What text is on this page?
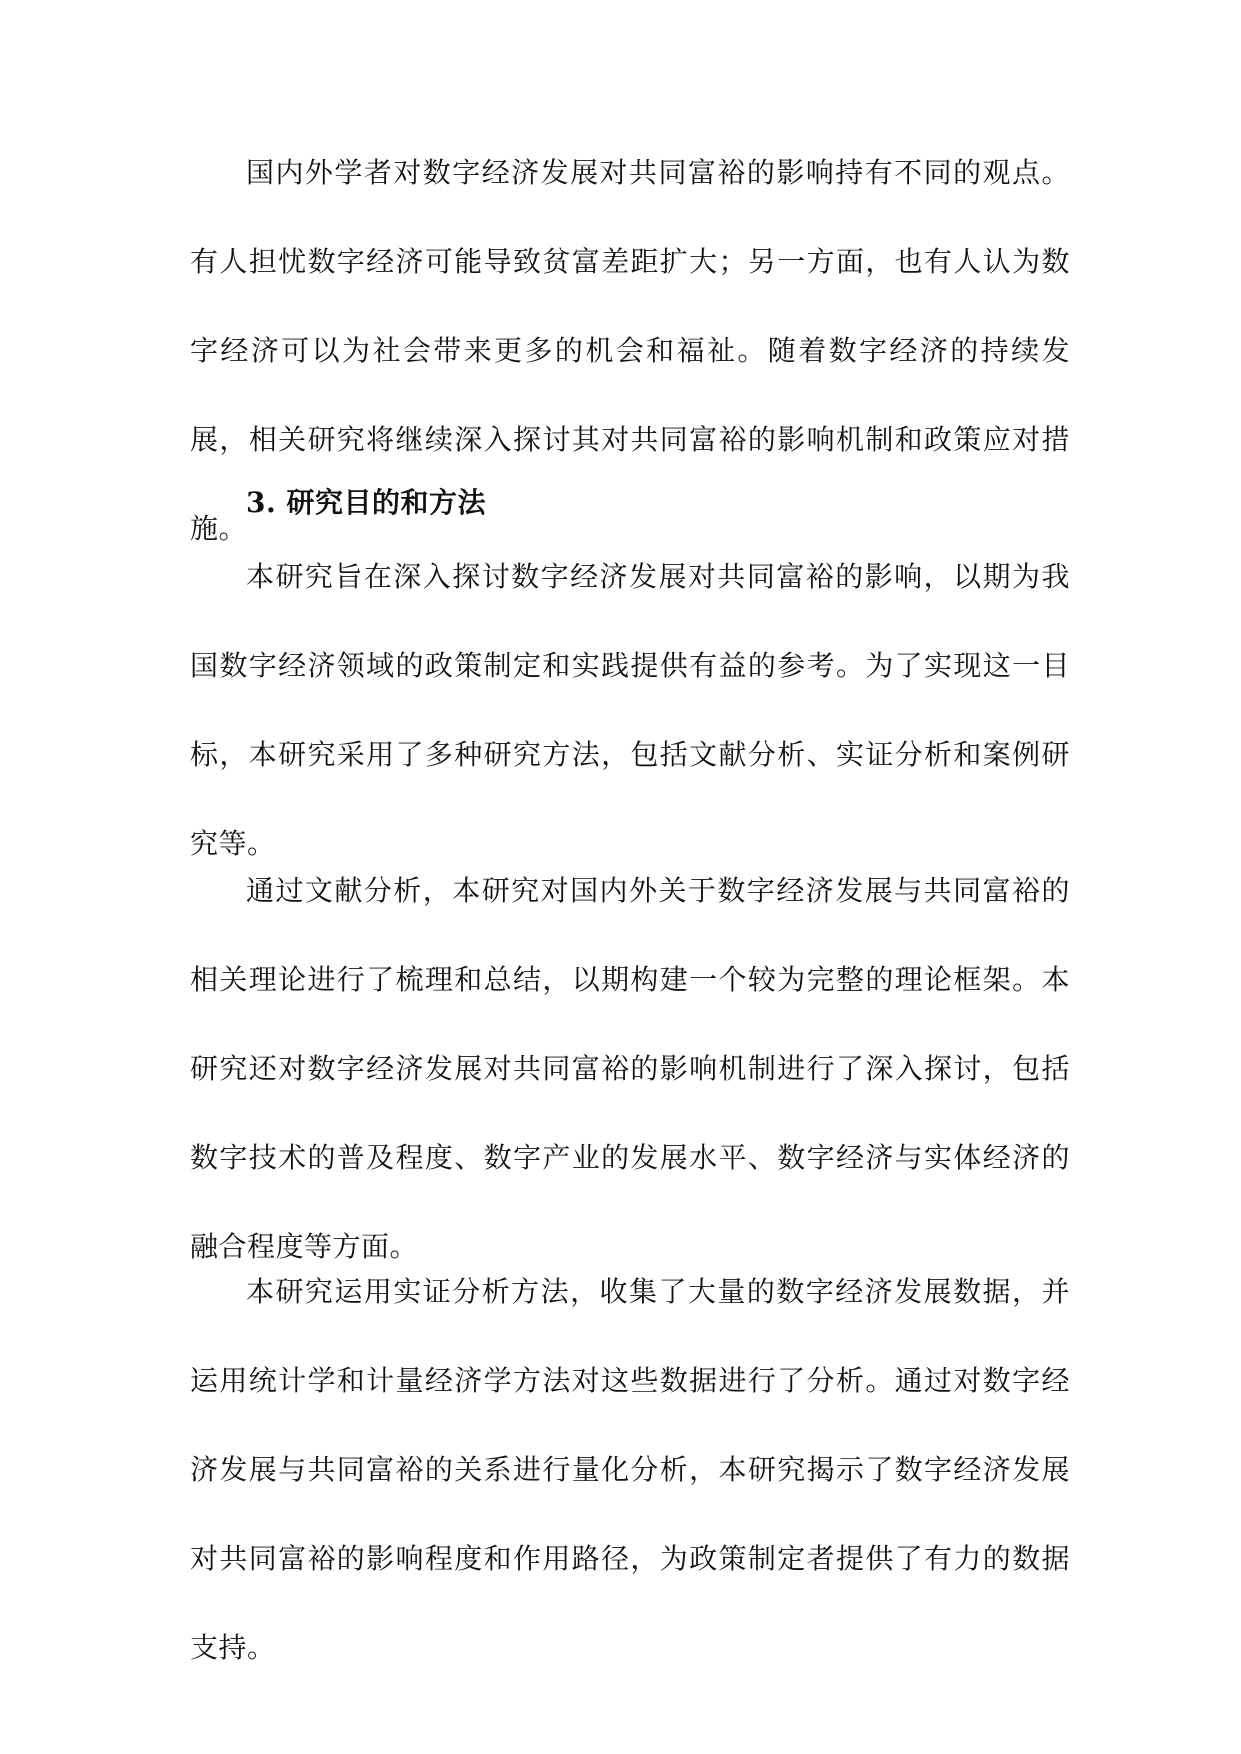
国内外学者对数字经济发展对共同富裕的影响持有不同的观点。有人担忧数字经济可能导致贫富差距扩大；另一方面，也有人认为数字经济可以为社会带来更多的机会和福祉。随着数字经济的持续发展，相关研究将继续深入探讨其对共同富裕的影响机制和政策应对措施。

3. 研究目的和方法

本研究旨在深入探讨数字经济发展对共同富裕的影响，以期为我国数字经济领域的政策制定和实践提供有益的参考。为了实现这一目标，本研究采用了多种研究方法，包括文献分析、实证分析和案例研究等。

通过文献分析，本研究对国内外关于数字经济发展与共同富裕的相关理论进行了梳理和总结，以期构建一个较为完整的理论框架。本研究还对数字经济发展对共同富裕的影响机制进行了深入探讨，包括数字技术的普及程度、数字产业的发展水平、数字经济与实体经济的融合程度等方面。

本研究运用实证分析方法，收集了大量的数字经济发展数据，并运用统计学和计量经济学方法对这些数据进行了分析。通过对数字经济发展与共同富裕的关系进行量化分析，本研究揭示了数字经济发展对共同富裕的影响程度和作用路径，为政策制定者提供了有力的数据支持。
